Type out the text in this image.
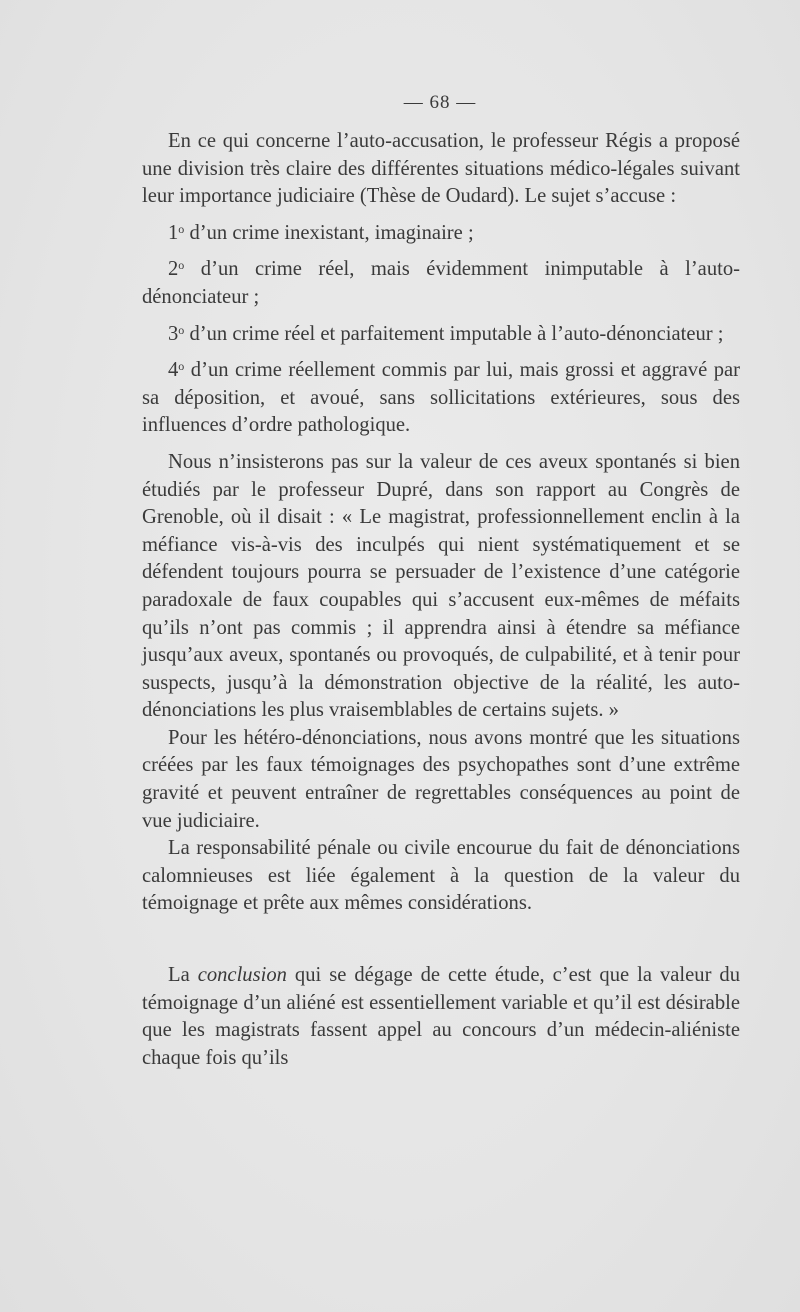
— 68 —

En ce qui concerne l’auto-accusation, le professeur Régis a proposé une division très claire des différentes situations médico-légales suivant leur importance judiciaire (Thèse de Oudard). Le sujet s’accuse :

1$^o$ d’un crime inexistant, imaginaire ;

2$^o$ d’un crime réel, mais évidemment inimputable à l’auto-dénonciateur ;

3$^o$ d’un crime réel et parfaitement imputable à l’auto-dénonciateur ;

4$^o$ d’un crime réellement commis par lui, mais grossi et aggravé par sa déposition, et avoué, sans sollicitations extérieures, sous des influences d’ordre pathologique.

Nous n’insisterons pas sur la valeur de ces aveux spontanés si bien étudiés par le professeur Dupré, dans son rapport au Congrès de Grenoble, où il disait : « Le magistrat, professionnellement enclin à la méfiance vis-à-vis des inculpés qui nient systématiquement et se défendent toujours pourra se persuader de l’existence d’une catégorie paradoxale de faux coupables qui s’accusent eux-mêmes de méfaits qu’ils n’ont pas commis ; il apprendra ainsi à étendre sa méfiance jusqu’aux aveux, spontanés ou provoqués, de culpabilité, et à tenir pour suspects, jusqu’à la démonstration objective de la réalité, les auto-dénonciations les plus vraisemblables de certains sujets. »

Pour les hétéro-dénonciations, nous avons montré que les situations créées par les faux témoignages des psychopathes sont d’une extrême gravité et peuvent entraîner de regrettables conséquences au point de vue judiciaire.

La responsabilité pénale ou civile encourue du fait de dénonciations calomnieuses est liée également à la question de la valeur du témoignage et prête aux mêmes considérations.

La conclusion qui se dégage de cette étude, c’est que la valeur du témoignage d’un aliéné est essentiellement variable et qu’il est désirable que les magistrats fassent appel au concours d’un médecin-aliéniste chaque fois qu’ils
